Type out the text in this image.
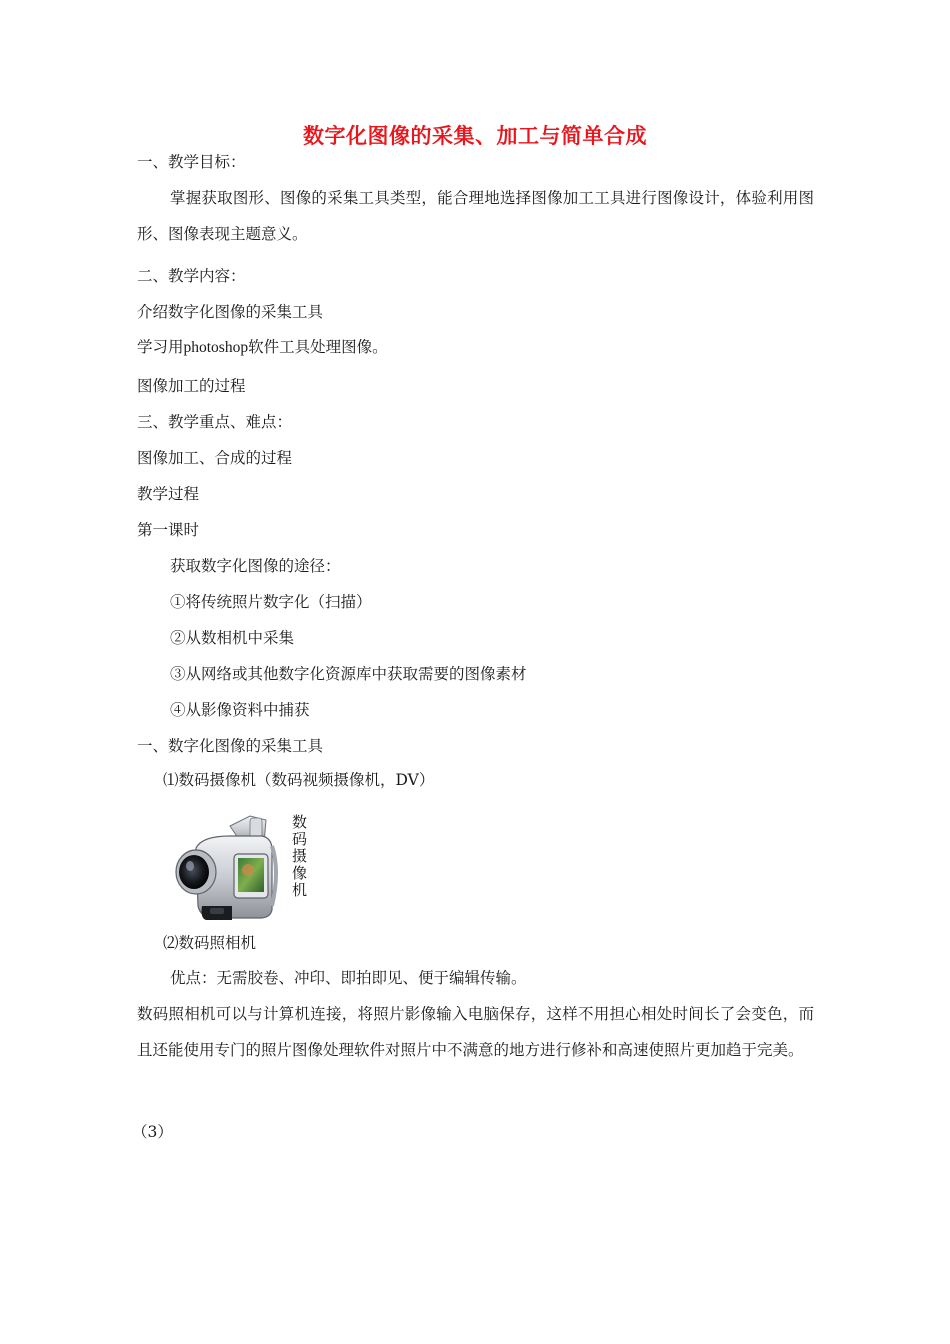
数字化图像的采集、加工与简单合成
一、教学目标：
掌握获取图形、图像的采集工具类型，能合理地选择图像加工工具进行图像设计，体验利用图形、图像表现主题意义。
二、教学内容：
介绍数字化图像的采集工具
学习用photoshop软件工具处理图像。
图像加工的过程
三、教学重点、难点：
图像加工、合成的过程
教学过程
第一课时
获取数字化图像的途径：
①将传统照片数字化（扫描）
②从数相机中采集
③从网络或其他数字化资源库中获取需要的图像素材
④从影像资料中捕获
一、数字化图像的采集工具
⑴数码摄像机（数码视频摄像机，DV）
数码摄像机
⑵数码照相机
优点：无需胶卷、冲印、即拍即见、便于编辑传输。
数码照相机可以与计算机连接，将照片影像输入电脑保存，这样不用担心相处时间长了会变色，而且还能使用专门的照片图像处理软件对照片中不满意的地方进行修补和高速使照片更加趋于完美。
（3）
